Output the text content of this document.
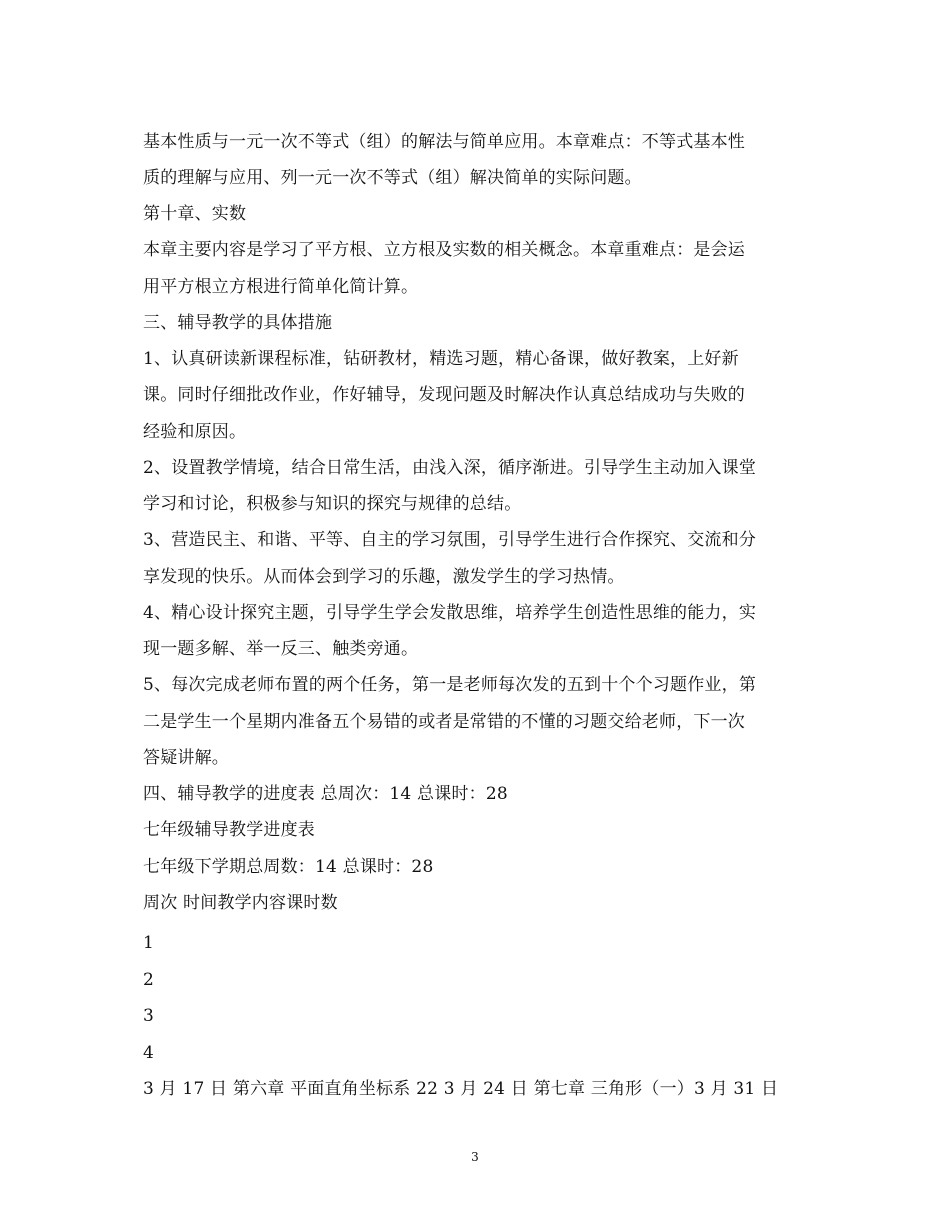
基本性质与一元一次不等式（组）的解法与简单应用。本章难点：不等式基本性
质的理解与应用、列一元一次不等式（组）解决简单的实际问题。
第十章、实数
本章主要内容是学习了平方根、立方根及实数的相关概念。本章重难点：是会运
用平方根立方根进行简单化简计算。
三、辅导教学的具体措施
1、认真研读新课程标准，钻研教材，精选习题，精心备课，做好教案，上好新
课。同时仔细批改作业，作好辅导，发现问题及时解决作认真总结成功与失败的
经验和原因。
2、设置教学情境，结合日常生活，由浅入深，循序渐进。引导学生主动加入课堂
学习和讨论，积极参与知识的探究与规律的总结。
3、营造民主、和谐、平等、自主的学习氛围，引导学生进行合作探究、交流和分
享发现的快乐。从而体会到学习的乐趣，激发学生的学习热情。
4、精心设计探究主题，引导学生学会发散思维，培养学生创造性思维的能力，实
现一题多解、举一反三、触类旁通。
5、每次完成老师布置的两个任务，第一是老师每次发的五到十个个习题作业，第
二是学生一个星期内准备五个易错的或者是常错的不懂的习题交给老师，下一次
答疑讲解。
四、辅导教学的进度表 总周次：14 总课时：28
七年级辅导教学进度表
七年级下学期总周数：14 总课时：28
周次 时间教学内容课时数
1
2
3
4
3 月 17 日 第六章 平面直角坐标系 22 3 月 24 日 第七章 三角形（一）3 月 31 日
3
